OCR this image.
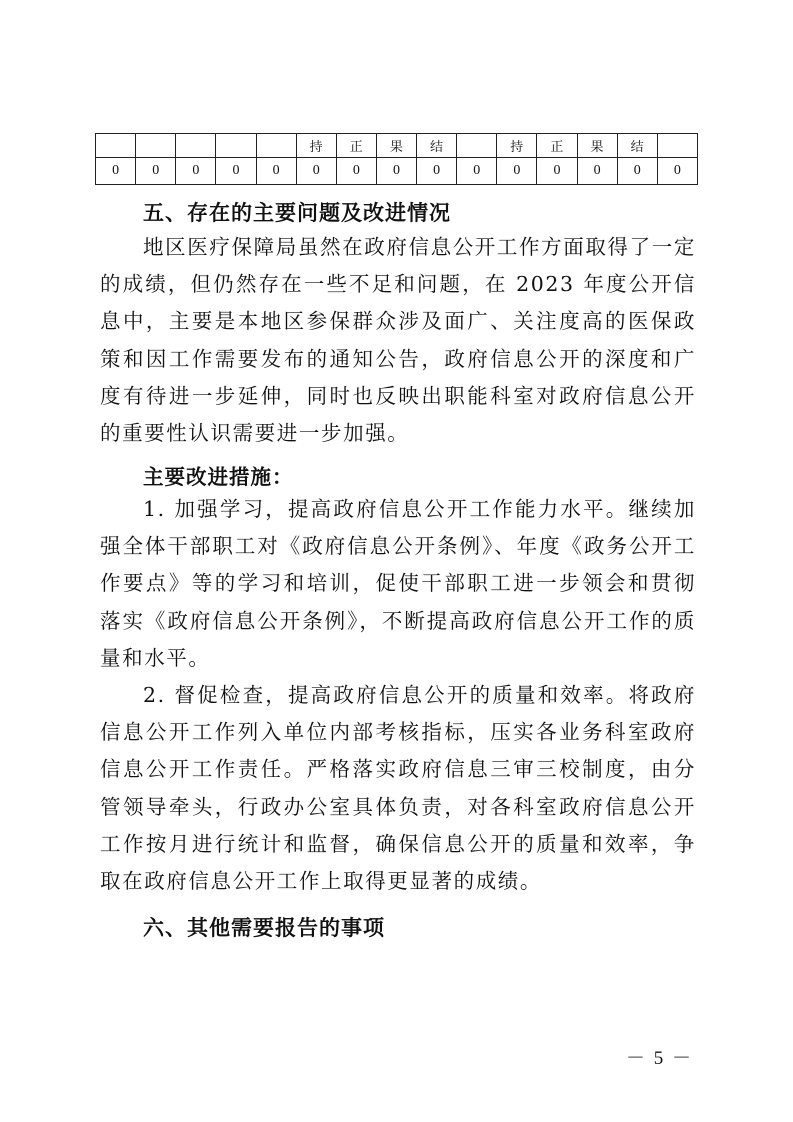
					持	正	果	结		持	正	果	结	
0	0	0	0	0	0	0	0	0	0	0	0	0	0	0
五、存在的主要问题及改进情况
地区医疗保障局虽然在政府信息公开工作方面取得了一定的成绩，但仍然存在一些不足和问题，在 2023 年度公开信息中，主要是本地区参保群众涉及面广、关注度高的医保政策和因工作需要发布的通知公告，政府信息公开的深度和广度有待进一步延伸，同时也反映出职能科室对政府信息公开的重要性认识需要进一步加强。
主要改进措施：
1. 加强学习，提高政府信息公开工作能力水平。继续加强全体干部职工对《政府信息公开条例》、年度《政务公开工作要点》等的学习和培训，促使干部职工进一步领会和贯彻落实《政府信息公开条例》，不断提高政府信息公开工作的质量和水平。
2. 督促检查，提高政府信息公开的质量和效率。将政府信息公开工作列入单位内部考核指标，压实各业务科室政府信息公开工作责任。严格落实政府信息三审三校制度，由分管领导牵头，行政办公室具体负责，对各科室政府信息公开工作按月进行统计和监督，确保信息公开的质量和效率，争取在政府信息公开工作上取得更显著的成绩。
六、其他需要报告的事项
－ 5 －
